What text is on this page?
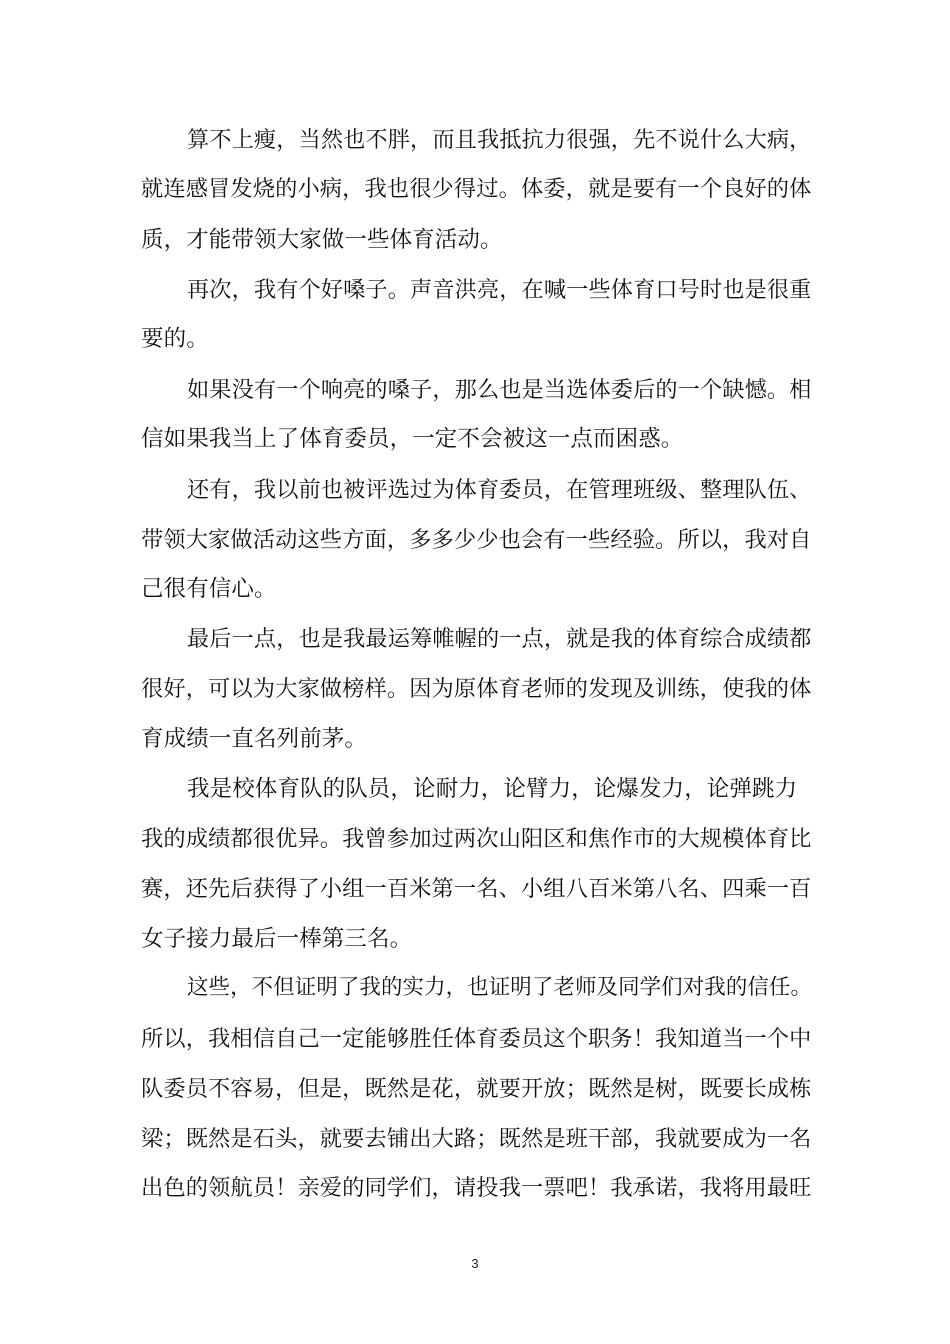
算不上瘦，当然也不胖，而且我抵抗力很强，先不说什么大病，
就连感冒发烧的小病，我也很少得过。体委，就是要有一个良好的体
质，才能带领大家做一些体育活动。
再次，我有个好嗓子。声音洪亮，在喊一些体育口号时也是很重
要的。
如果没有一个响亮的嗓子，那么也是当选体委后的一个缺憾。相
信如果我当上了体育委员，一定不会被这一点而困惑。
还有，我以前也被评选过为体育委员，在管理班级、整理队伍、
带领大家做活动这些方面，多多少少也会有一些经验。所以，我对自
己很有信心。
最后一点，也是我最运筹帷幄的一点，就是我的体育综合成绩都
很好，可以为大家做榜样。因为原体育老师的发现及训练，使我的体
育成绩一直名列前茅。
我是校体育队的队员，论耐力，论臂力，论爆发力，论弹跳力
我的成绩都很优异。我曾参加过两次山阳区和焦作市的大规模体育比
赛，还先后获得了小组一百米第一名、小组八百米第八名、四乘一百
女子接力最后一棒第三名。
这些，不但证明了我的实力，也证明了老师及同学们对我的信任。
所以，我相信自己一定能够胜任体育委员这个职务！我知道当一个中
队委员不容易，但是，既然是花，就要开放；既然是树，既要长成栋
梁；既然是石头，就要去铺出大路；既然是班干部，我就要成为一名
出色的领航员！亲爱的同学们，请投我一票吧！我承诺，我将用最旺
3
